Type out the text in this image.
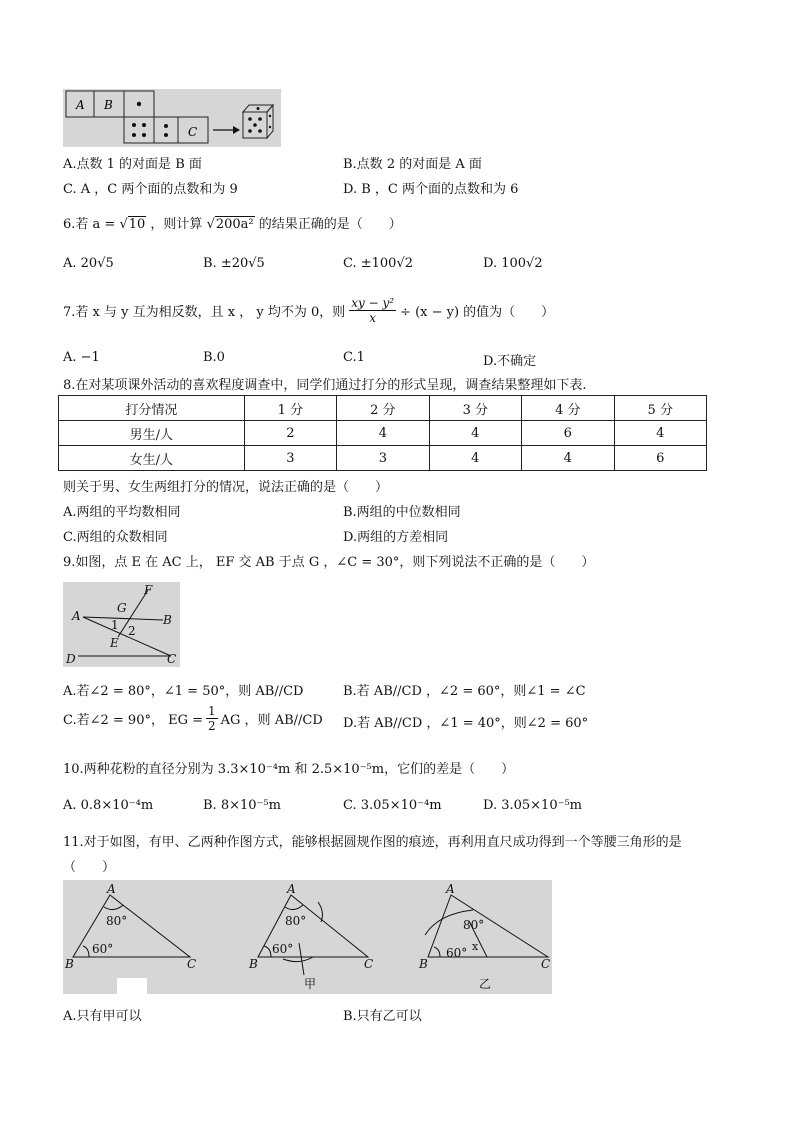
A B
C
A.点数 1 的对面是 B 面	B.点数 2 的对面是 A 面
C. A ，C 两个面的点数和为 9	D. B ，C 两个面的点数和为 6
6.若 a = √10 ，则计算 √200a² 的结果正确的是（　　）
A. 20√5	B. ±20√5	C. ±100√2	D. 100√2
7.若 x 与 y 互为相反数，且 x ， y 均不为 0，则 $\frac{\text{xy − y²}}{x} \div (x - y)$ 的值为（　　）
A. −1	B.0	C.1	D.不确定
8.在对某项课外活动的喜欢程度调查中，同学们通过打分的形式呈现，调查结果整理如下表.
打分情况	1 分	2 分	3 分	4 分	5 分
男生/人	2	4	4	6	4
女生/人	3	3	4	4	6
则关于男、女生两组打分的情况，说法正确的是（　　）
A.两组的平均数相同	B.两组的中位数相同
C.两组的众数相同	D.两组的方差相同
9.如图，点 E 在 AC 上， EF 交 AB 于点 G ，∠C = 30°，则下列说法不正确的是（　　）
F
G
A	B
1 2
E
D	C
A.若∠2 = 80°，∠1 = 50°，则 AB//CD	B.若 AB//CD ，∠2 = 60°，则∠1 = ∠C
C.若∠2 = 90°， EG = $\frac{1}{2}$ AG ，则 AB//CD D.若 AB//CD ，∠1 = 40°，则∠2 = 60°
10.两种花粉的直径分别为 3.3×10⁻⁴m 和 2.5×10⁻⁵m，它们的差是（　　）
A. 0.8×10⁻⁴m	B. 8×10⁻⁵m	C. 3.05×10⁻⁴m	D. 3.05×10⁻⁵m
11.对于如图，有甲、乙两种作图方式，能够根据圆规作图的痕迹，再利用直尺成功得到一个等腰三角形的是
（　　）
x
A
80°
60°
B	C
A
80°
60°
B	C
甲
A
80°
60°
B	C
乙
A.只有甲可以	B.只有乙可以
